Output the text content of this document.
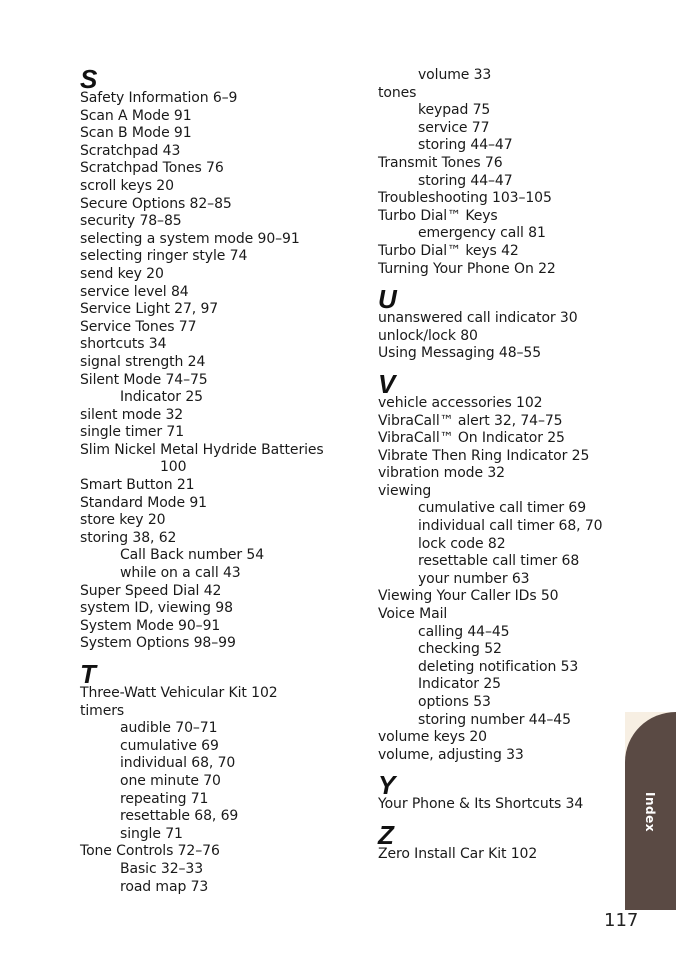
S
Safety Information 6–9
Scan A Mode 91
Scan B Mode 91
Scratchpad 43
Scratchpad Tones 76
scroll keys 20
Secure Options 82–85
security 78–85
selecting a system mode 90–91
selecting ringer style 74
send key 20
service level 84
Service Light 27, 97
Service Tones 77
shortcuts 34
signal strength 24
Silent Mode 74–75
Indicator 25
silent mode 32
single timer 71
Slim Nickel Metal Hydride Batteries
100
Smart Button 21
Standard Mode 91
store key 20
storing 38, 62
Call Back number 54
while on a call 43
Super Speed Dial 42
system ID, viewing 98
System Mode 90–91
System Options 98–99
T
Three-Watt Vehicular Kit 102
timers
audible 70–71
cumulative 69
individual 68, 70
one minute 70
repeating 71
resettable 68, 69
single 71
Tone Controls 72–76
Basic 32–33
road map 73
volume 33
tones
keypad 75
service 77
storing 44–47
Transmit Tones 76
storing 44–47
Troubleshooting 103–105
Turbo Dial™ Keys
emergency call 81
Turbo Dial™ keys 42
Turning Your Phone On 22
U
unanswered call indicator 30
unlock/lock 80
Using Messaging 48–55
V
vehicle accessories 102
VibraCall™ alert 32, 74–75
VibraCall™ On Indicator 25
Vibrate Then Ring Indicator 25
vibration mode 32
viewing
cumulative call timer 69
individual call timer 68, 70
lock code 82
resettable call timer 68
your number 63
Viewing Your Caller IDs 50
Voice Mail
calling 44–45
checking 52
deleting notification 53
Indicator 25
options 53
storing number 44–45
volume keys 20
volume, adjusting 33
Y
Your Phone & Its Shortcuts 34
Z
Zero Install Car Kit 102
Index
117
